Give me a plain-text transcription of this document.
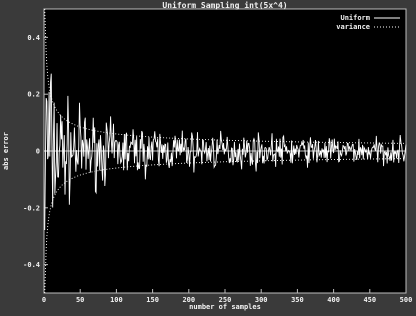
Uniform Sampling int(5x^4)
number of samples
abs error
0	50	100	150	200	250	300	350	400	450	500
-0.4
-0.2
0
0.2
0.4
Uniform
variance
